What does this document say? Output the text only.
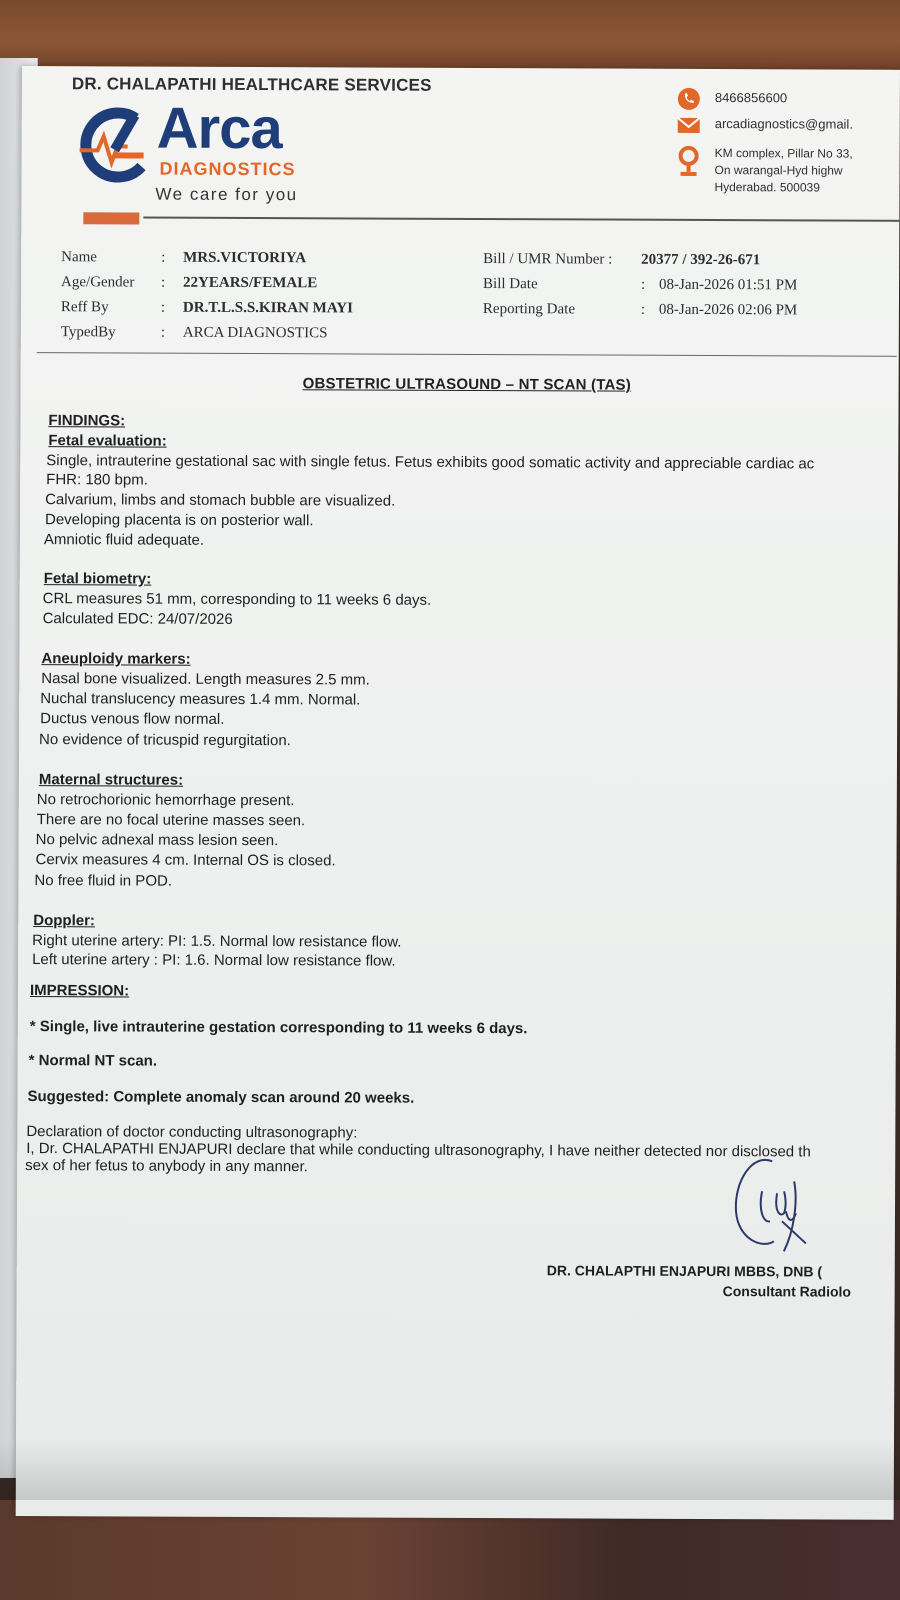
DR. CHALAPATHI HEALTHCARE SERVICES
Arca
DIAGNOSTICS
We care for you
8466856600
arcadiagnostics@gmail.
KM complex, Pillar No 33,
On warangal-Hyd highw
Hyderabad. 500039
Name	: MRS.VICTORIYA
Age/Gender : 22YEARS/FEMALE
Reff By	: DR.T.L.S.S.KIRAN MAYI
TypedBy	: ARCA DIAGNOSTICS
Bill / UMR Number : 20377 / 392-26-671
Bill Date	: 08-Jan-2026 01:51 PM
Reporting Date	: 08-Jan-2026 02:06 PM
OBSTETRIC ULTRASOUND – NT SCAN (TAS)
FINDINGS:
Fetal evaluation:
Single, intrauterine gestational sac with single fetus. Fetus exhibits good somatic activity and appreciable cardiac ac
FHR: 180 bpm.
Calvarium, limbs and stomach bubble are visualized.
Developing placenta is on posterior wall.
Amniotic fluid adequate.
Fetal biometry:
CRL measures 51 mm, corresponding to 11 weeks 6 days.
Calculated EDC: 24/07/2026
Aneuploidy markers:
Nasal bone visualized. Length measures 2.5 mm.
Nuchal translucency measures 1.4 mm. Normal.
Ductus venous flow normal.
No evidence of tricuspid regurgitation.
Maternal structures:
No retrochorionic hemorrhage present.
There are no focal uterine masses seen.
No pelvic adnexal mass lesion seen.
Cervix measures 4 cm. Internal OS is closed.
No free fluid in POD.
Doppler:
Right uterine artery: PI: 1.5. Normal low resistance flow.
Left uterine artery : PI: 1.6. Normal low resistance flow.
IMPRESSION:
* Single, live intrauterine gestation corresponding to 11 weeks 6 days.
* Normal NT scan.
Suggested: Complete anomaly scan around 20 weeks.
Declaration of doctor conducting ultrasonography:
I, Dr. CHALAPATHI ENJAPURI declare that while conducting ultrasonography, I have neither detected nor disclosed th
sex of her fetus to anybody in any manner.
DR. CHALAPTHI ENJAPURI MBBS, DNB (
Consultant Radiolo
